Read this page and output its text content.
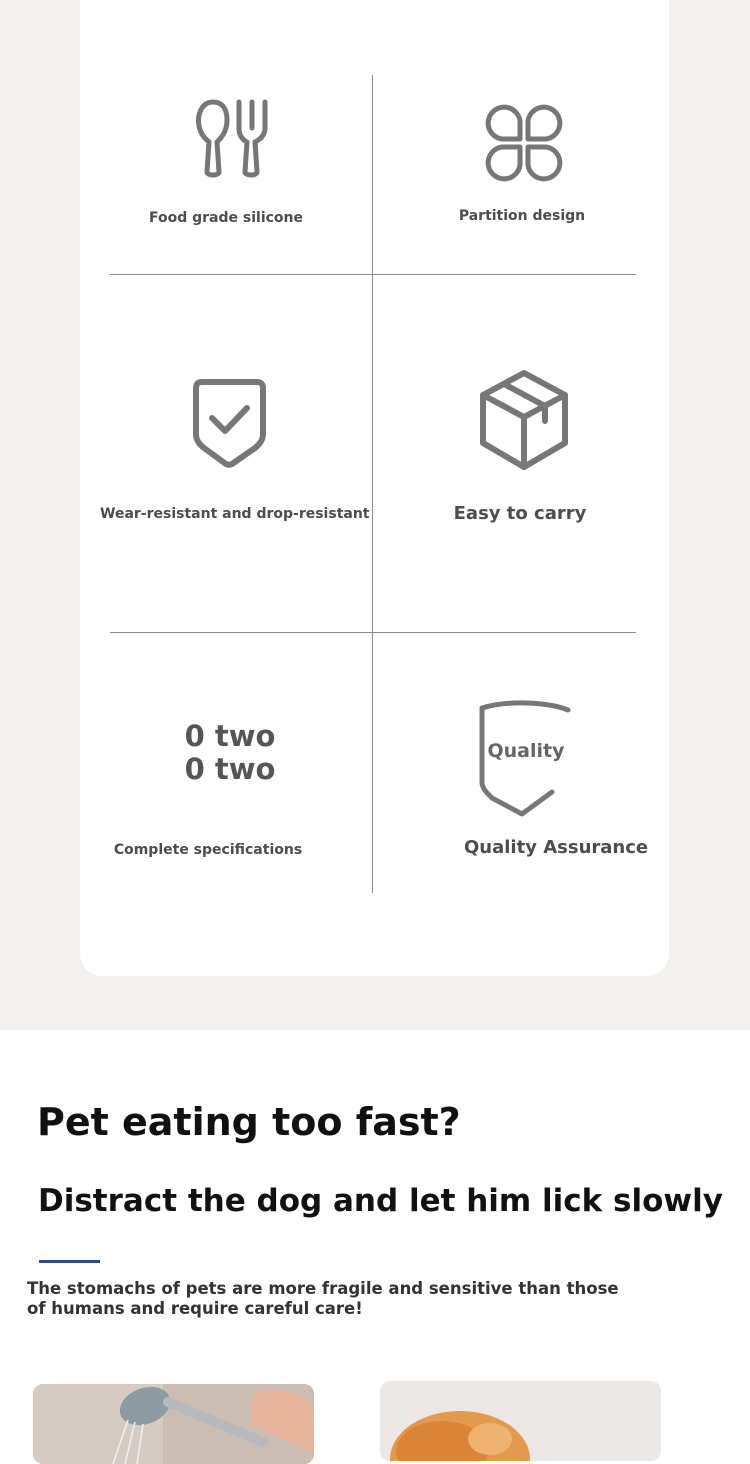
Food grade silicone	Partition design
Wear-resistant and drop-resistant	Easy to carry
0 two
0 two
Complete specifications
Quality
Quality Assurance
Pet eating too fast?
Distract the dog and let him lick slowly
The stomachs of pets are more fragile and sensitive than those of humans and require careful care!
